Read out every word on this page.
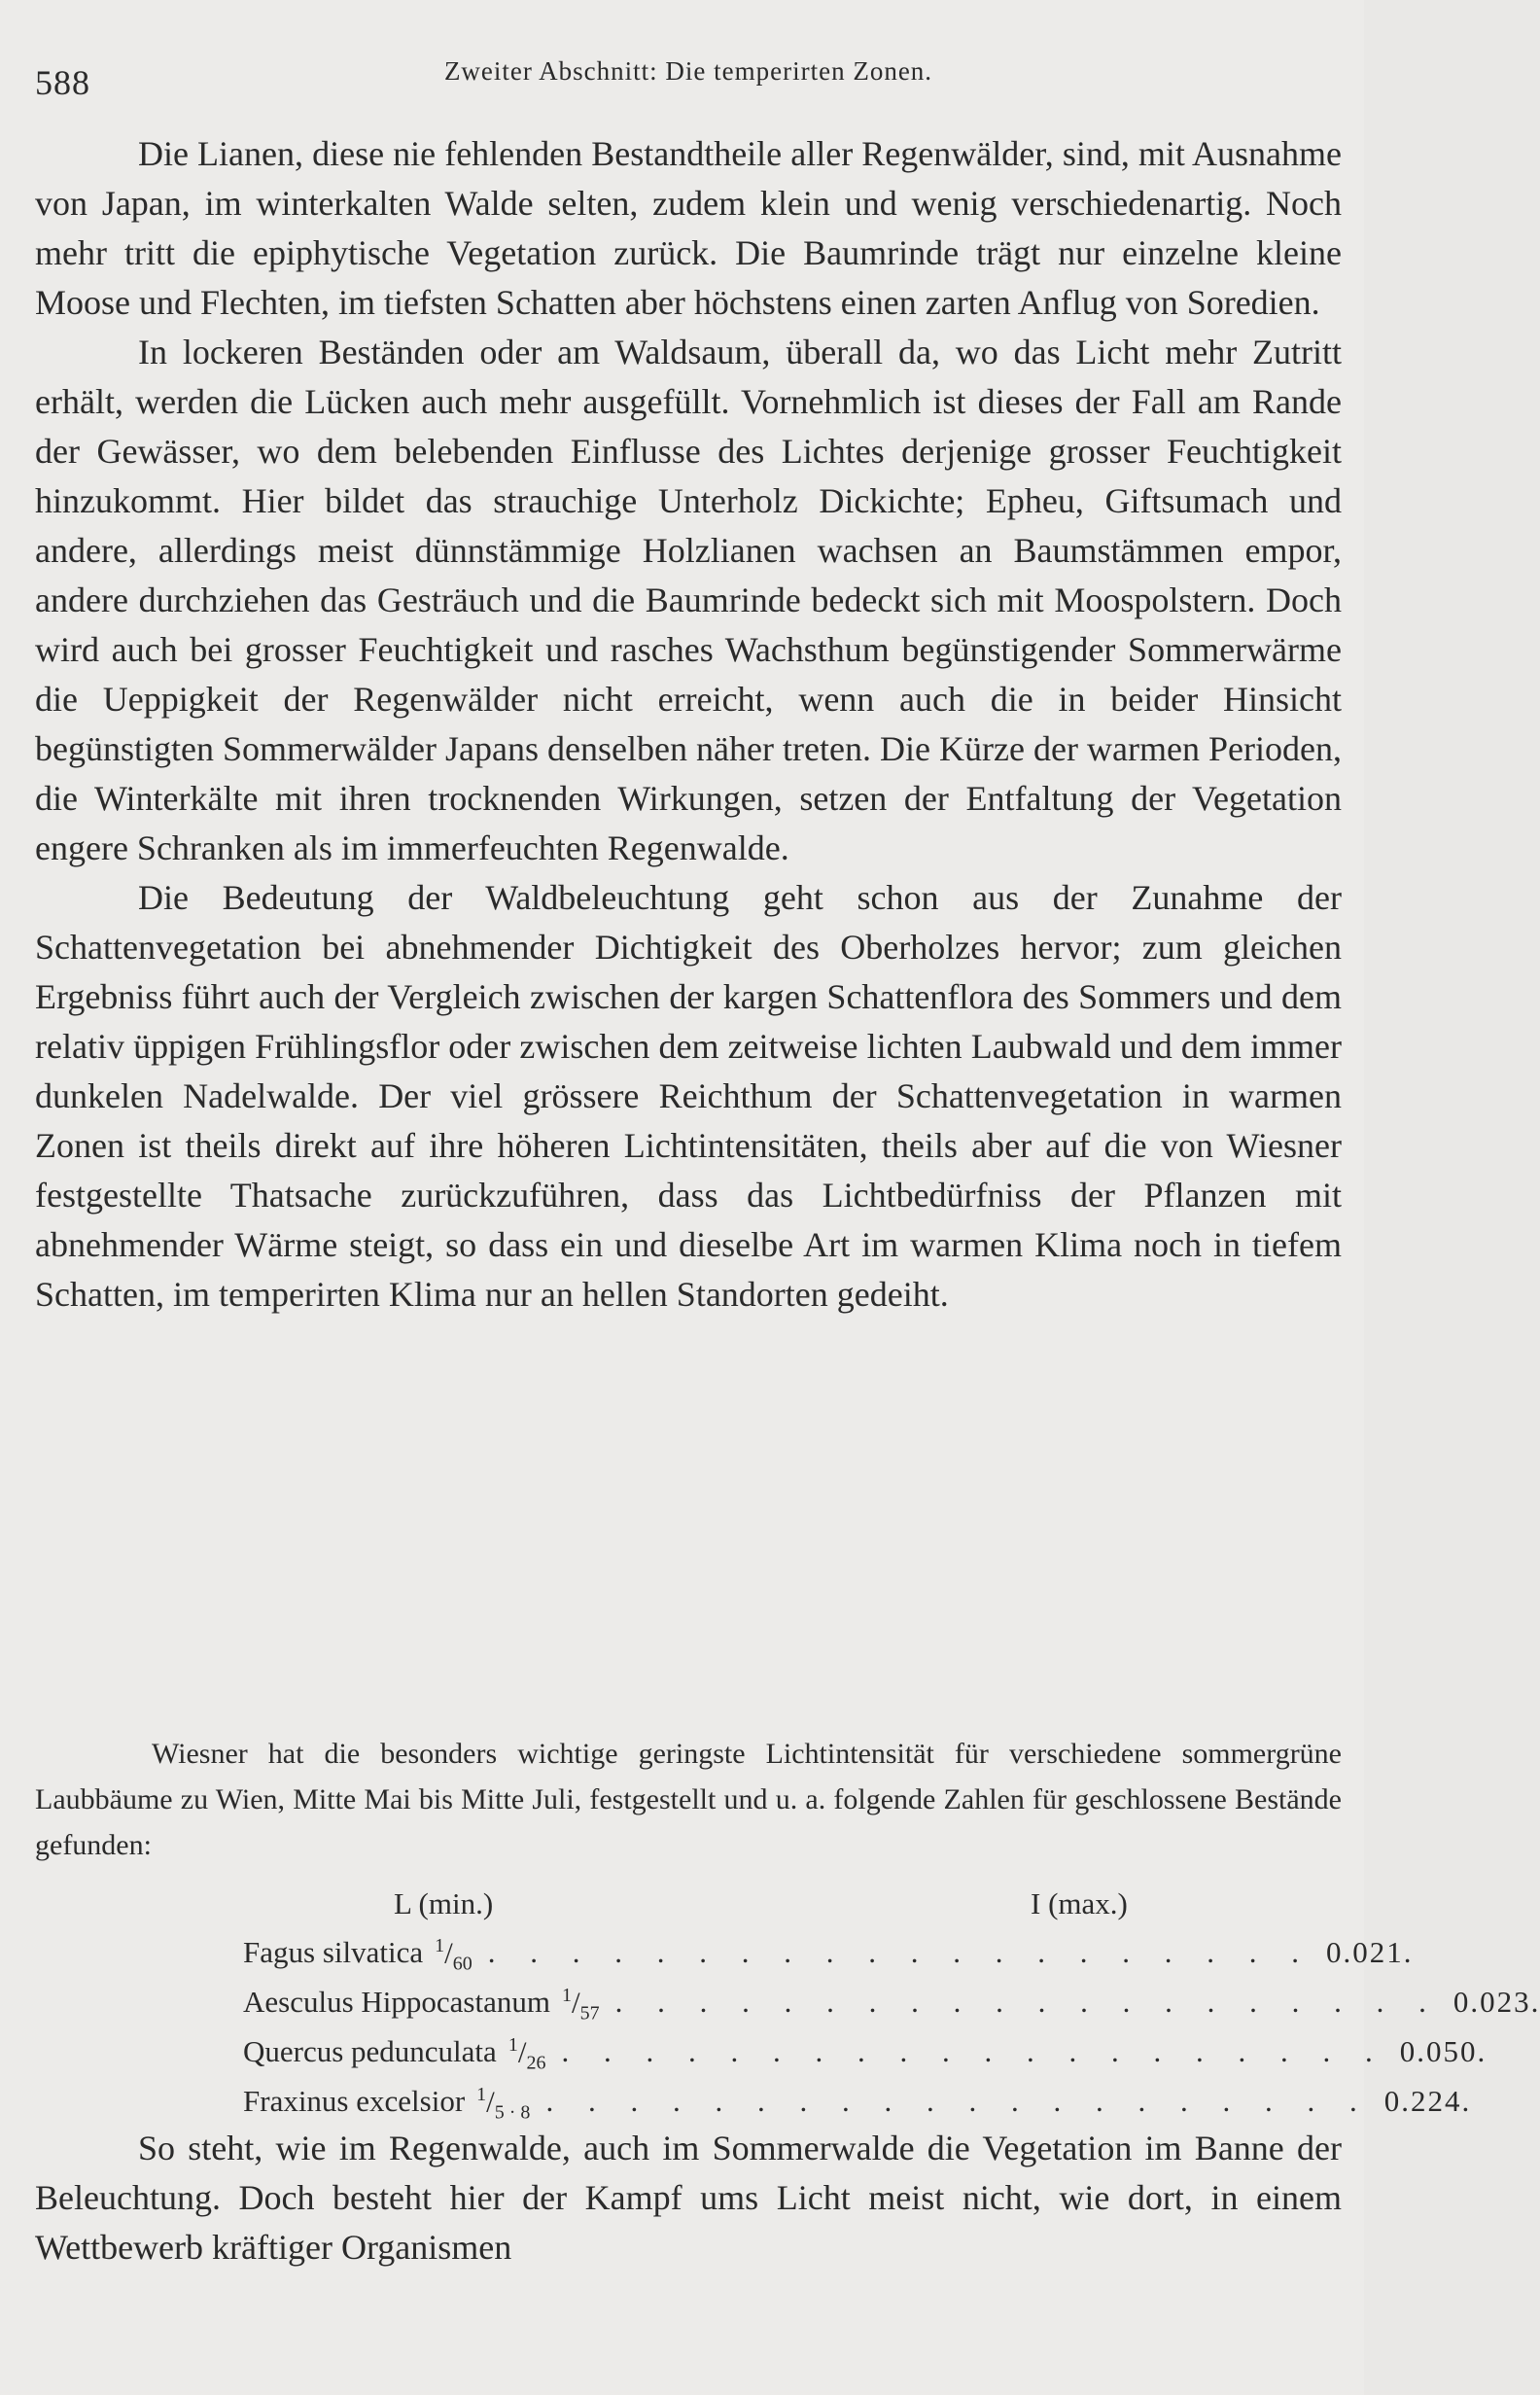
588	Zweiter Abschnitt: Die temperirten Zonen.

Die Lianen, diese nie fehlenden Bestandtheile aller Regenwälder, sind, mit Ausnahme von Japan, im winterkalten Walde selten, zudem klein und wenig verschiedenartig. Noch mehr tritt die epiphytische Vegetation zurück. Die Baumrinde trägt nur einzelne kleine Moose und Flechten, im tiefsten Schatten aber höchstens einen zarten Anflug von Soredien.

In lockeren Beständen oder am Waldsaum, überall da, wo das Licht mehr Zutritt erhält, werden die Lücken auch mehr ausgefüllt. Vornehmlich ist dieses der Fall am Rande der Gewässer, wo dem belebenden Einflusse des Lichtes derjenige grosser Feuchtigkeit hinzukommt. Hier bildet das strauchige Unterholz Dickichte; Epheu, Giftsumach und andere, allerdings meist dünnstämmige Holzlianen wachsen an Baumstämmen empor, andere durchziehen das Gesträuch und die Baumrinde bedeckt sich mit Moospolstern. Doch wird auch bei grosser Feuchtigkeit und rasches Wachsthum begünstigender Sommerwärme die Ueppigkeit der Regenwälder nicht erreicht, wenn auch die in beider Hinsicht begünstigten Sommerwälder Japans denselben näher treten. Die Kürze der warmen Perioden, die Winterkälte mit ihren trocknenden Wirkungen, setzen der Entfaltung der Vegetation engere Schranken als im immerfeuchten Regenwalde.

Die Bedeutung der Waldbeleuchtung geht schon aus der Zunahme der Schattenvegetation bei abnehmender Dichtigkeit des Oberholzes hervor; zum gleichen Ergebniss führt auch der Vergleich zwischen der kargen Schattenflora des Sommers und dem relativ üppigen Frühlingsflor oder zwischen dem zeitweise lichten Laubwald und dem immer dunkelen Nadelwalde. Der viel grössere Reichthum der Schattenvegetation in warmen Zonen ist theils direkt auf ihre höheren Lichtintensitäten, theils aber auf die von Wiesner festgestellte Thatsache zurückzuführen, dass das Lichtbedürfniss der Pflanzen mit abnehmender Wärme steigt, so dass ein und dieselbe Art im warmen Klima noch in tiefem Schatten, im temperirten Klima nur an hellen Standorten gedeiht.

Wiesner hat die besonders wichtige geringste Lichtintensität für verschiedene sommergrüne Laubbäume zu Wien, Mitte Mai bis Mitte Juli, festgestellt und u. a. folgende Zahlen für geschlossene Bestände gefunden:

L (min.)	I (max.)
Fagus silvatica $^1/_{60}$ . . . . . . . . . . . . . . . . . . . . 0.021.
Aesculus Hippocastanum $^1/_{57}$ . . . . . . . . . . . . . . . . . . . . 0.023.
Quercus pedunculata $^1/_{26}$ . . . . . . . . . . . . . . . . . . . . 0.050.
Fraxinus excelsior $^1/_{5 \cdot 8}$ . . . . . . . . . . . . . . . . . . . . 0.224.

So steht, wie im Regenwalde, auch im Sommerwalde die Vegetation im Banne der Beleuchtung. Doch besteht hier der Kampf ums Licht meist nicht, wie dort, in einem Wettbewerb kräftiger Organismen
